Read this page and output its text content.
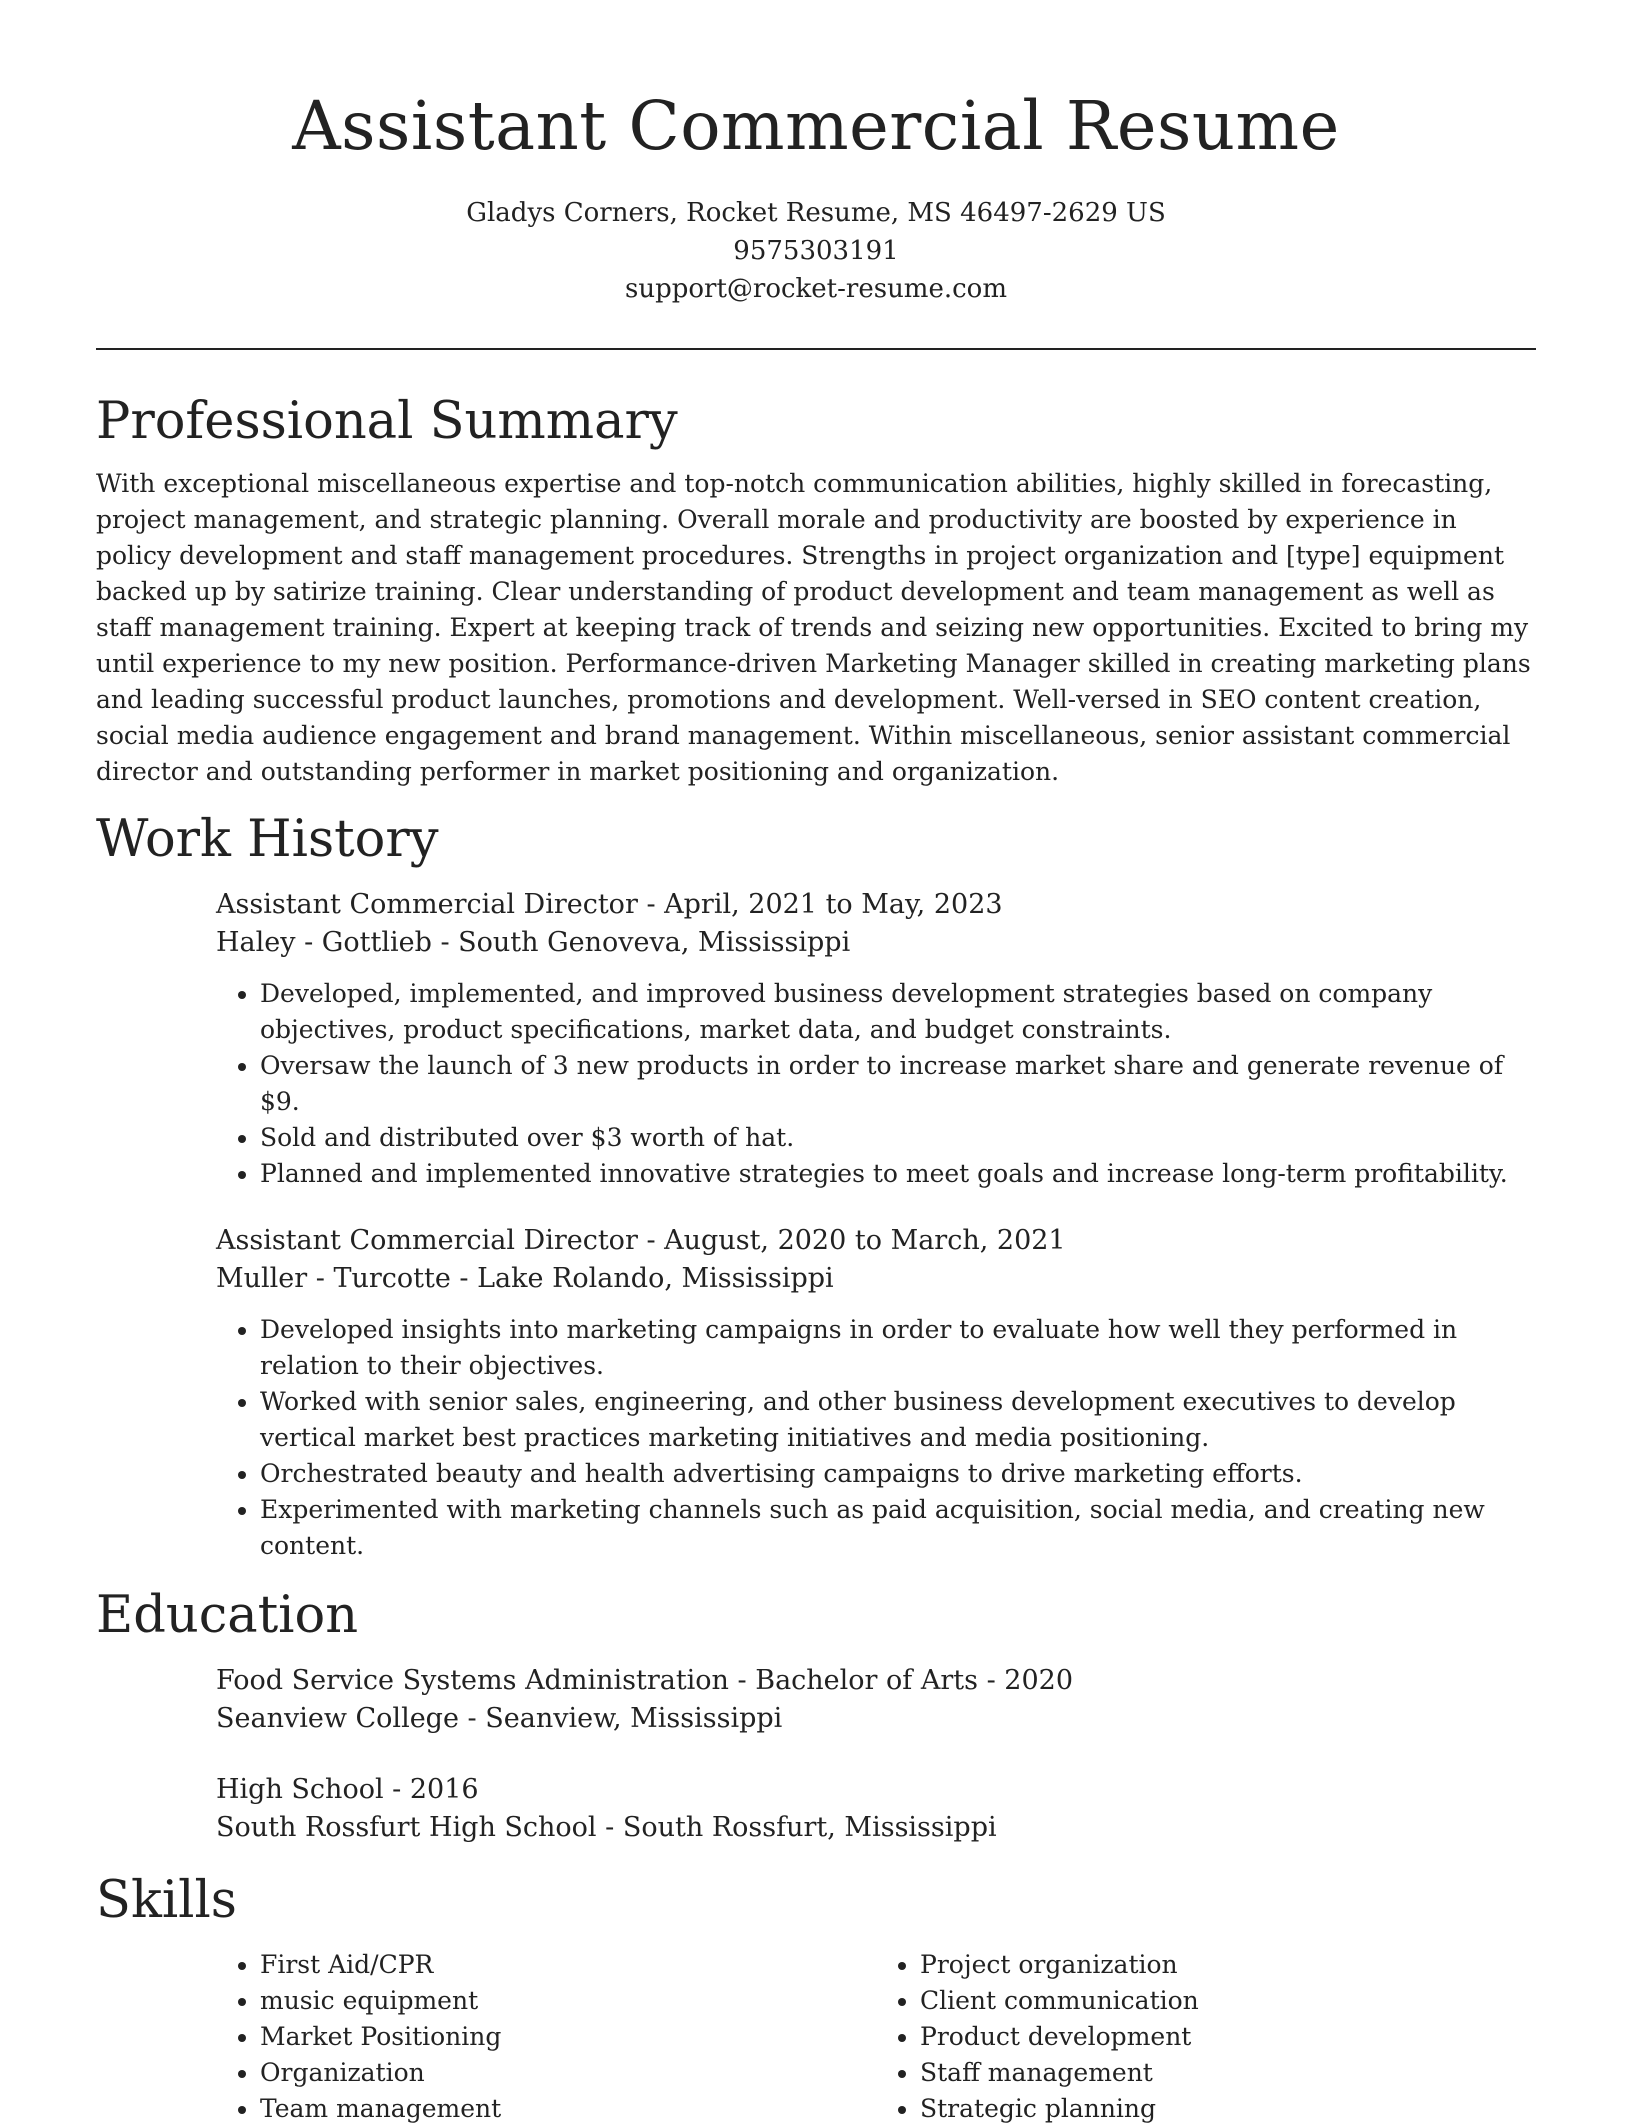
Assistant Commercial Resume
Gladys Corners, Rocket Resume, MS 46497-2629 US
9575303191
support@rocket-resume.com
Professional Summary

With exceptional miscellaneous expertise and top-notch communication abilities, highly skilled in forecasting, project management, and strategic planning. Overall morale and productivity are boosted by experience in policy development and staff management procedures. Strengths in project organization and [type] equipment backed up by satirize training. Clear understanding of product development and team management as well as staff management training. Expert at keeping track of trends and seizing new opportunities. Excited to bring my until experience to my new position. Performance-driven Marketing Manager skilled in creating marketing plans and leading successful product launches, promotions and development. Well-versed in SEO content creation, social media audience engagement and brand management. Within miscellaneous, senior assistant commercial director and outstanding performer in market positioning and organization.

Work History
Assistant Commercial Director - April, 2021 to May, 2023
Haley - Gottlieb - South Genoveva, Mississippi
• Developed, implemented, and improved business development strategies based on company objectives, product specifications, market data, and budget constraints.
• Oversaw the launch of 3 new products in order to increase market share and generate revenue of $9.
• Sold and distributed over $3 worth of hat.
• Planned and implemented innovative strategies to meet goals and increase long-term profitability.
Assistant Commercial Director - August, 2020 to March, 2021
Muller - Turcotte - Lake Rolando, Mississippi
• Developed insights into marketing campaigns in order to evaluate how well they performed in relation to their objectives.
• Worked with senior sales, engineering, and other business development executives to develop vertical market best practices marketing initiatives and media positioning.
• Orchestrated beauty and health advertising campaigns to drive marketing efforts.
• Experimented with marketing channels such as paid acquisition, social media, and creating new content.
Education
Food Service Systems Administration - Bachelor of Arts - 2020
Seanview College - Seanview, Mississippi
High School - 2016
South Rossfurt High School - South Rossfurt, Mississippi
Skills
• First Aid/CPR
• music equipment
• Market Positioning
• Organization
• Team management
• Project organization
• Client communication
• Product development
• Staff management
• Strategic planning
